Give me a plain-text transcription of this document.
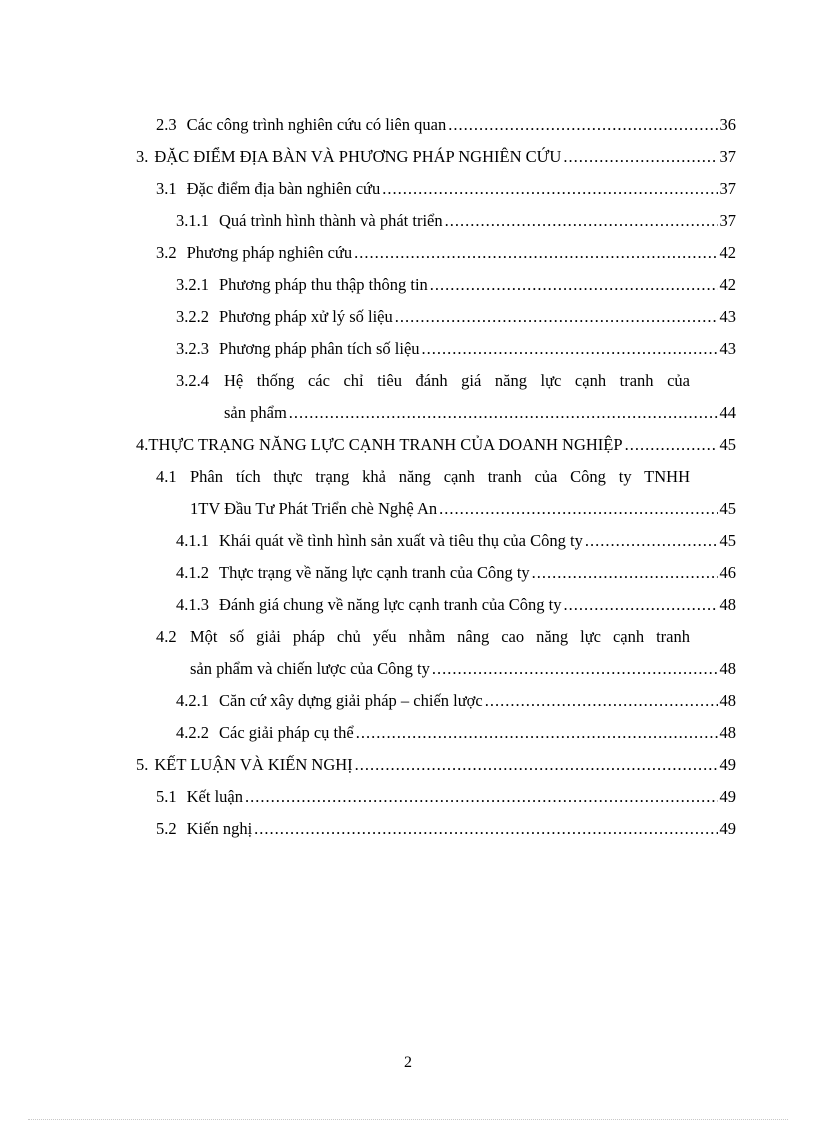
2.3 Các công trình nghiên cứu có liên quan .....	36
3. ĐẶC ĐIỂM ĐỊA BÀN VÀ PHƯƠNG PHÁP NGHIÊN CỨU .....	37
3.1 Đặc điểm địa bàn nghiên cứu .....	37
3.1.1 Quá trình hình thành và phát triển .....	37
3.2 Phương pháp nghiên cứu .....	42
3.2.1 Phương pháp thu thập thông tin .....	42
3.2.2 Phương pháp xử lý số liệu .....	43
3.2.3 Phương pháp phân tích số liệu .....	43
3.2.4 Hệ thống các chỉ tiêu đánh giá năng lực cạnh tranh của
sản phẩm .....	44
4. THỰC TRẠNG NĂNG LỰC CẠNH TRANH CỦA DOANH NGHIỆP .....	45
4.1 Phân tích thực trạng khả năng cạnh tranh của Công ty TNHH
1TV Đầu Tư Phát Triển chè Nghệ An .....	45
4.1.1 Khái quát về tình hình sản xuất và tiêu thụ của Công ty .....	45
4.1.2 Thực trạng về năng lực cạnh tranh của Công ty .....	46
4.1.3 Đánh giá chung về năng lực cạnh tranh của Công ty .....	48
4.2 Một số giải pháp chủ yếu nhằm nâng cao năng lực cạnh tranh
sản phẩm và chiến lược của Công ty .....	48
4.2.1 Căn cứ xây dựng giải pháp – chiến lược .....	48
4.2.2 Các giải pháp cụ thể .....	48
5. KẾT LUẬN VÀ KIẾN NGHỊ .....	49
5.1 Kết luận .....	49
5.2 Kiến nghị .....	49
2
